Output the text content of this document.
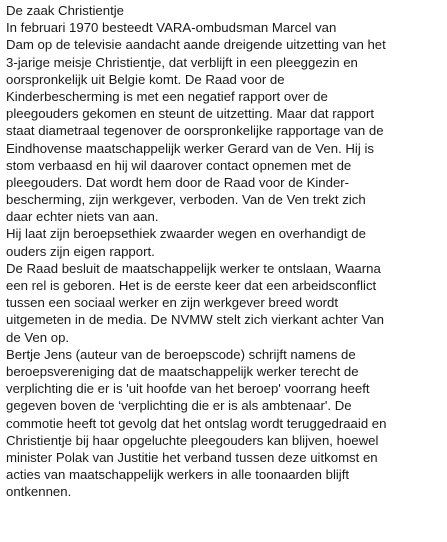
De zaak Christientje
In februari 1970 besteedt VARA-ombudsman Marcel van
Dam op de televisie aandacht aande dreigende uitzetting van het
3-jarige meisje Christientje, dat verblijft in een pleeggezin en
oorspronkelijk uit Belgie komt. De Raad voor de
Kinderbescherming is met een negatief rapport over de
pleegouders gekomen en steunt de uitzetting. Maar dat rapport
staat diametraal tegenover de oorspronkelijke rapportage van de
Eindhovense maatschappelijk werker Gerard van de Ven. Hij is
stom verbaasd en hij wil daarover contact opnemen met de
pleegouders. Dat wordt hem door de Raad voor de Kinder-
bescherming, zijn werkgever, verboden. Van de Ven trekt zich
daar echter niets van aan.
Hij laat zijn beroepsethiek zwaarder wegen en overhandigt de
ouders zijn eigen rapport.
De Raad besluit de maatschappelijk werker te ontslaan, Waarna
een rel is geboren. Het is de eerste keer dat een arbeidsconflict
tussen een sociaal werker en zijn werkgever breed wordt
uitgemeten in de media. De NVMW stelt zich vierkant achter Van
de Ven op.
Bertje Jens (auteur van de beroepscode) schrijft namens de
beroepsvereniging dat de maatschappelijk werker terecht de
verplichting die er is 'uit hoofde van het beroep' voorrang heeft
gegeven boven de ‘verplichting die er is als ambtenaar'. De
commotie heeft tot gevolg dat het ontslag wordt teruggedraaid en
Christientje bij haar opgeluchte pleegouders kan blijven, hoewel
minister Polak van Justitie het verband tussen deze uitkomst en
acties van maatschappelijk werkers in alle toonaarden blijft
ontkennen.
